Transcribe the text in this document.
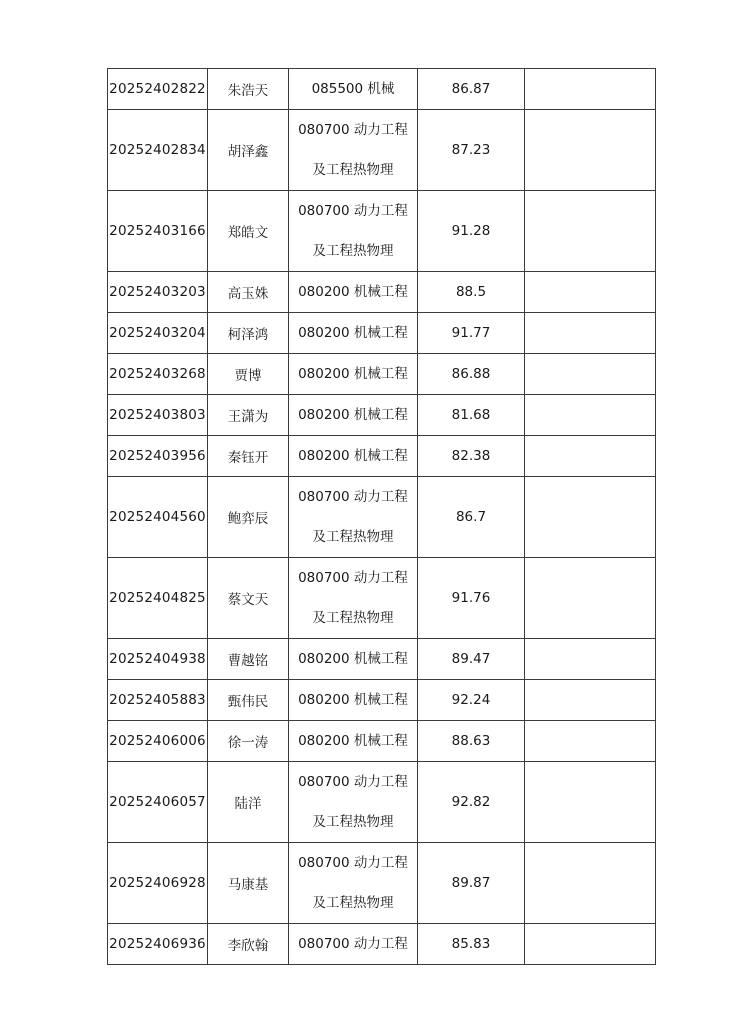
20252402822	朱浩天	085500 机械	86.87	
20252402834	胡泽鑫	080700 动力工程
及工程热物理	87.23	
20252403166	郑皓文	080700 动力工程
及工程热物理	91.28	
20252403203	高玉姝	080200 机械工程	88.5	
20252403204	柯泽鸿	080200 机械工程	91.77	
20252403268	贾博	080200 机械工程	86.88	
20252403803	王潇为	080200 机械工程	81.68	
20252403956	秦钰开	080200 机械工程	82.38	
20252404560	鲍弈辰	080700 动力工程
及工程热物理	86.7	
20252404825	蔡文天	080700 动力工程
及工程热物理	91.76	
20252404938	曹越铭	080200 机械工程	89.47	
20252405883	甄伟民	080200 机械工程	92.24	
20252406006	徐一涛	080200 机械工程	88.63	
20252406057	陆洋	080700 动力工程
及工程热物理	92.82	
20252406928	马康基	080700 动力工程
及工程热物理	89.87	
20252406936	李欣翰	080700 动力工程	85.83	
